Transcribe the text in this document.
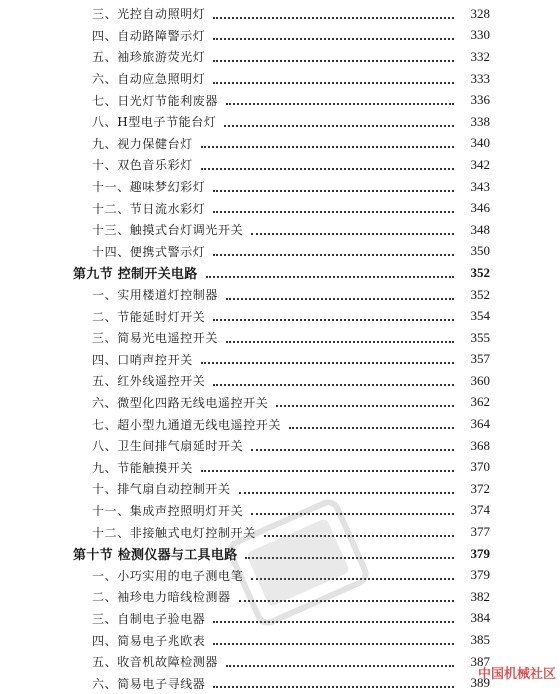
三、光控自动照明灯	328
四、自动路障警示灯	330
五、袖珍旅游荧光灯	332
六、自动应急照明灯	333
七、日光灯节能利废器	336
八、H型电子节能台灯	338
九、视力保健台灯	340
十、双色音乐彩灯	342
十一、趣味梦幻彩灯	343
十二、节日流水彩灯	346
十三、触摸式台灯调光开关	348
十四、便携式警示灯	350
第九节 控制开关电路	352
一、实用楼道灯控制器	352
二、节能延时灯开关	354
三、简易光电遥控开关	355
四、口哨声控开关	357
五、红外线遥控开关	360
六、微型化四路无线电遥控开关	362
七、超小型九通道无线电遥控开关	364
八、卫生间排气扇延时开关	368
九、节能触摸开关	370
十、排气扇自动控制开关	372
十一、集成声控照明灯开关	374
十二、非接触式电灯控制开关	377
第十节 检测仪器与工具电路	379
一、小巧实用的电子测电笔	379
二、袖珍电力暗线检测器	382
三、自制电子验电器	384
四、简易电子兆欧表	385
五、收音机故障检测器	387
六、简易电子寻线器	389
中国机械社区
